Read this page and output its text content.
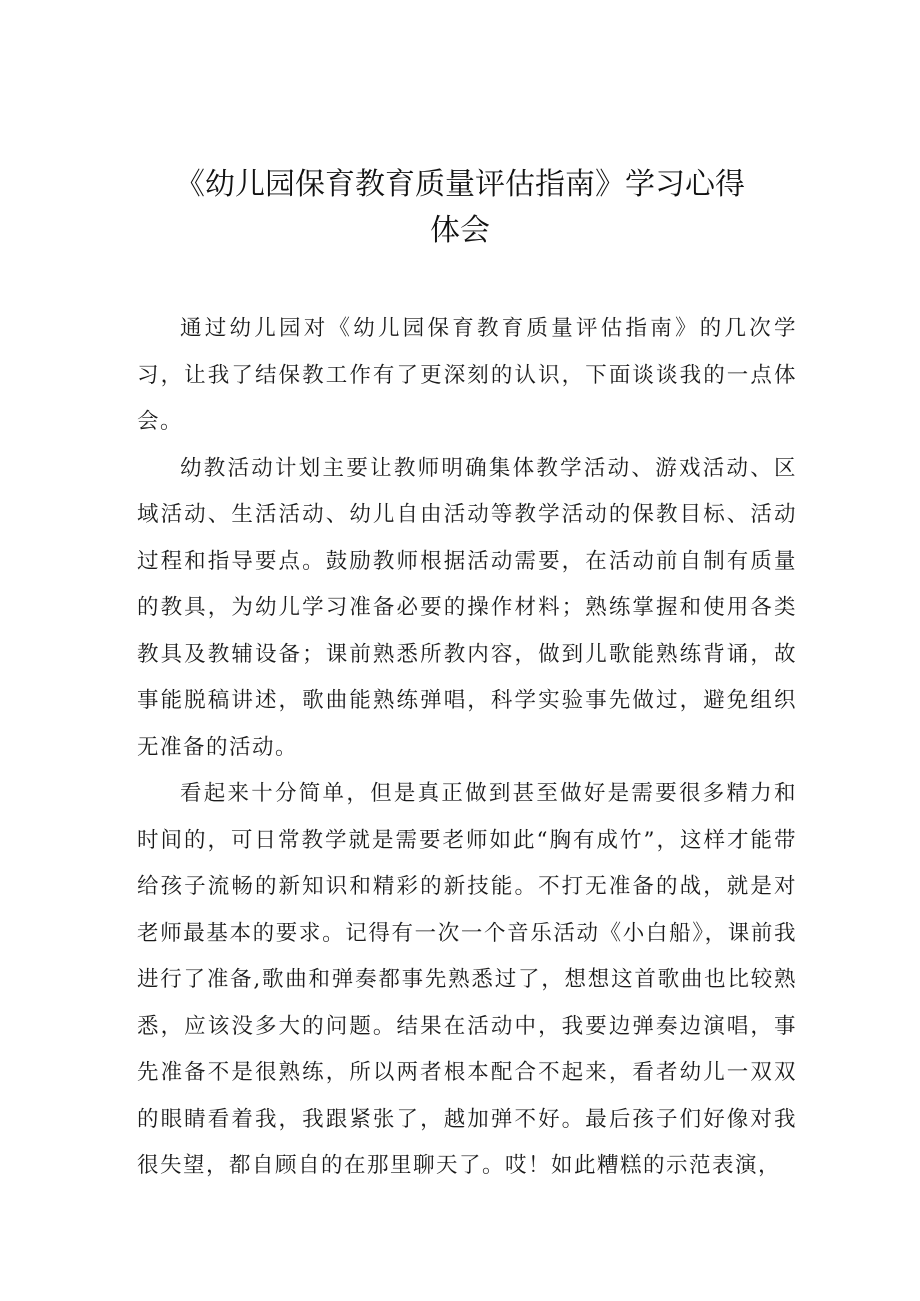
《幼儿园保育教育质量评估指南》学习心得
体会

通过幼儿园对《幼儿园保育教育质量评估指南》的几次学习，让我了结保教工作有了更深刻的认识，下面谈谈我的一点体会。

幼教活动计划主要让教师明确集体教学活动、游戏活动、区域活动、生活活动、幼儿自由活动等教学活动的保教目标、活动过程和指导要点。鼓励教师根据活动需要，在活动前自制有质量的教具，为幼儿学习准备必要的操作材料；熟练掌握和使用各类教具及教辅设备；课前熟悉所教内容，做到儿歌能熟练背诵，故事能脱稿讲述，歌曲能熟练弹唱，科学实验事先做过，避免组织无准备的活动。

看起来十分简单，但是真正做到甚至做好是需要很多精力和时间的，可日常教学就是需要老师如此“胸有成竹”，这样才能带给孩子流畅的新知识和精彩的新技能。不打无准备的战，就是对老师最基本的要求。记得有一次一个音乐活动《小白船》，课前我进行了准备,歌曲和弹奏都事先熟悉过了，想想这首歌曲也比较熟悉，应该没多大的问题。结果在活动中，我要边弹奏边演唱，事先准备不是很熟练，所以两者根本配合不起来，看者幼儿一双双的眼睛看着我，我跟紧张了，越加弹不好。最后孩子们好像对我很失望，都自顾自的在那里聊天了。哎！如此糟糕的示范表演，
